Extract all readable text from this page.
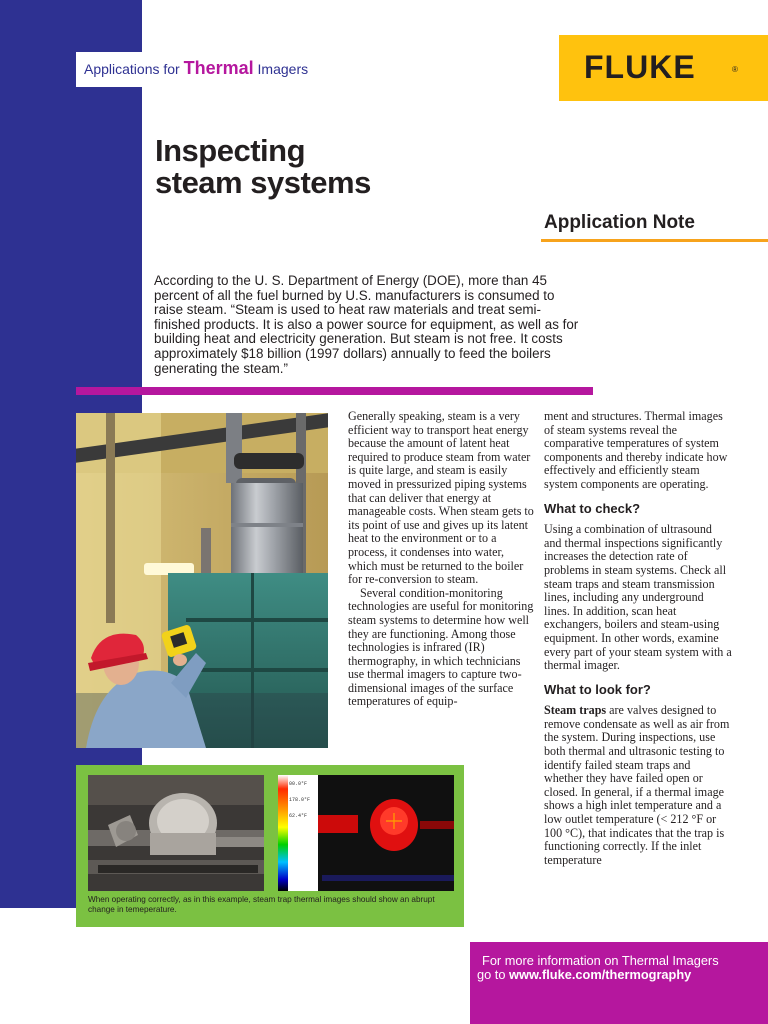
Applications for Thermal Imagers	FLUKE	®
Inspecting
steam systems
Application Note
According to the U. S. Department of Energy (DOE), more than 45 percent of all the fuel burned by U.S. manufacturers is consumed to raise steam. “Steam is used to heat raw materials and treat semi-finished products. It is also a power source for equipment, as well as for building heat and electricity generation. But steam is not free. It costs approximately $18 billion (1997 dollars) annually to feed the boilers generating the steam.”

Generally speaking, steam is a very efficient way to transport heat energy because the amount of latent heat required to produce steam from water is quite large, and steam is easily moved in pressurized piping systems that can deliver that energy at manageable costs. When steam gets to its point of use and gives up its latent heat to the environment or to a process, it condenses into water, which must be returned to the boiler for re-conversion to steam.

Several condition-monitoring technologies are useful for monitoring steam systems to determine how well they are functioning. Among those technologies is infrared (IR) thermography, in which technicians use thermal imagers to capture two-dimensional images of the surface temperatures of equip-

ment and structures. Thermal images of steam systems reveal the comparative temperatures of system components and thereby indicate how effectively and efficiently steam system components are operating.

What to check?

Using a combination of ultrasound and thermal inspections significantly increases the detection rate of problems in steam systems. Check all steam traps and steam transmission lines, including any underground lines. In addition, scan heat exchangers, boilers and steam-using equipment. In other words, examine every part of your steam system with a thermal imager.

What to look for?

Steam traps are valves designed to remove condensate as well as air from the system. During inspections, use both thermal and ultrasonic testing to identify failed steam traps and whether they have failed open or closed. In general, if a thermal image shows a high inlet temperature and a low outlet temperature (< 212 °F or 100 °C), that indicates that the trap is functioning correctly. If the inlet temperature

00.0°F
178.0°F
62.4°F
When operating correctly, as in this example, steam trap thermal images should show an abrupt change in temeperature.
For more information on Thermal Imagers
go to www.fluke.com/thermography
